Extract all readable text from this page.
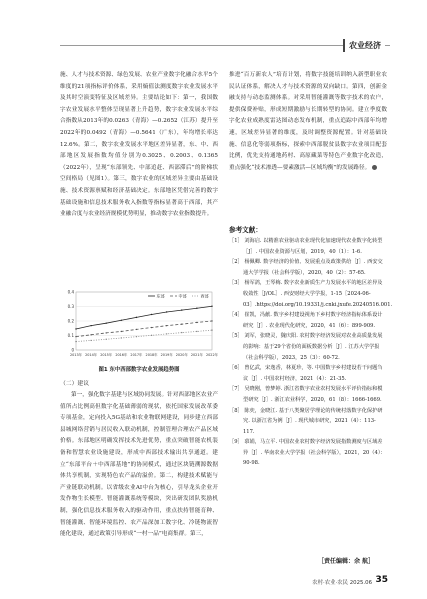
农业经济

施、人才与技术资源、绿色发展、农业产业数字化融合水平5个维度的21项指标评价体系，采用熵值法测度数字农业发展水平及其时空演变特征及区域差异。主要结论如下：第一，我国数字农业发展水平整体呈现显著上升趋势，数字农业发展水平综合指数从2013年的0.0263（青海）—0.2652（江苏）提升至2022年的0.0492（青海）—0.5641（广东），年均增长率达12.6%。第二，数字农业发展水平地区差异显著，东、中、西部地区发展指数均值分别为0.3025、0.2003、0.1365（2022年），呈现“东部领先、中部追赶、西部滞后”的阶梯状空间格局（见图1）。第三，数字农业的区域差异主要由基础设施、技术资源禀赋和经济基础决定。东部地区凭借完善的数字基础设施和信息技术服务收入指数等指标显著高于西部，其产业融合度与农业经济规模优势明显，推动数字农业指数提升。

0.4
0.3
0.2
0.1
0
2013年 2014年 2015年 2016年 2017年 2018年 2019年 2020年 2021年 2022年
东部	中部	西部
图1 东中西部数字农业发展趋势图
（二）建议

第一，强化数字基建与区域协同发展。针对西部地区农业产值所占比例高但数字化基础薄弱的现状，依托国家发展改革委专项基金，定向投入5G基站和农业物联网建设，同步建立西部县城网络营销与居民收入联动机制，控制管理合理农产品区域价格。东部地区明确发挥技术先进优势，重点突破智能农机装备和智慧农业设施建设，形成中西部技术输出共享通道。建立“东部平台＋中西部基地”的协同模式，通过区块链溯源数据体共享机制，实现特色农产品的溢价。第二，构建技术赋能与产业链联动机制。以省级农业AI中台为核心，引导龙头企业开发作物生长模型、智能灌溉系统等模块，突出研发团队奖励机制，强化信息技术服务收入的驱动作用，重点扶持智能育种、智能灌溉、智能环境监控、农产品深加工数字化、冷链物流智能化建设，通过政策引导形成“一村一品”电商集群。第三，

推进“百万新农人”培育计划，将数字技能培训纳入新型职业农民认证体系，解决人才与技术资源的双向缺口。第四，创新金融支持与动态监测体系。对采用智能灌溉等数字技术的农户，提供保费补贴，形成短期激励与长期转型的协同。建立季度数字化农业成熟度雷达图动态发布机制，重点追踪中西部年均增速，区域差异显著的维度，及时调整资源配置。针对基础设施、信息化等弱项指标，探索中西部脱贫县数字农业项目配套比例，优先支持通地药村、高原藏菜等特色产业数字化改造，重点强化“技术渗透—要素激活—区域均衡”的发展路径。

参考文献：

［1］ 刘海启. 以精准农业驱动农业现代化加速现代农业数字化转型［J］. 中国农业资源与区划，2019，40（1）：1-6.

［2］ 杨佩卿. 数字经济的价值、发展重点及政策供给［J］. 西安交通大学学报（社会科学版），2020，40（2）：57-65.

［3］ 杨军鸽，王琴梅. 数字农业新质生产力发展水平的地区差异及收敛性［J/OL］. 西安财经大学学报，1-15［2024-06-03］.https://doi.org/10.19331/j.cnki.jxufe.20240516.001.

［4］ 崔凯，冯献. 数字乡村建设视角下乡村数字经济指标体系设计研究［J］. 农业现代化研究，2020，41（6）：899-909.

［5］ 刘军，张晓灵，魏庆阳. 农村数字经济发展对农业高质量发展的影响：基于29个省份的面板数据分析［J］. 江苏大学学报（社会科学版），2023，25（3）：60-72.

［6］ 曾亿武，宋逸香，林夏珍，等. 中国数字乡村建设若干问题刍议［J］. 中国农村经济，2021（4）：21-35.

［7］ 吴晓刚，曾梦婷. 浙江省数字农业农村发展水平评价指标和模型研究［J］. 浙江农业科学，2020，61（8）：1666-1669.

［8］ 陈奕，金晓江. 基于八类聚居学理论的传统村落数字化保护研究. 以浙江省为例［J］. 现代城市研究，2021（4）：113-117.

［9］ 慕娟，马立平. 中国农业农村数字经济发展指数测度与区域差异［J］. 华南农业大学学报（社会科学版），2021，20（4）：90-98.

［责任编辑：余 航］
农村·农业·农民 2025.06 35
